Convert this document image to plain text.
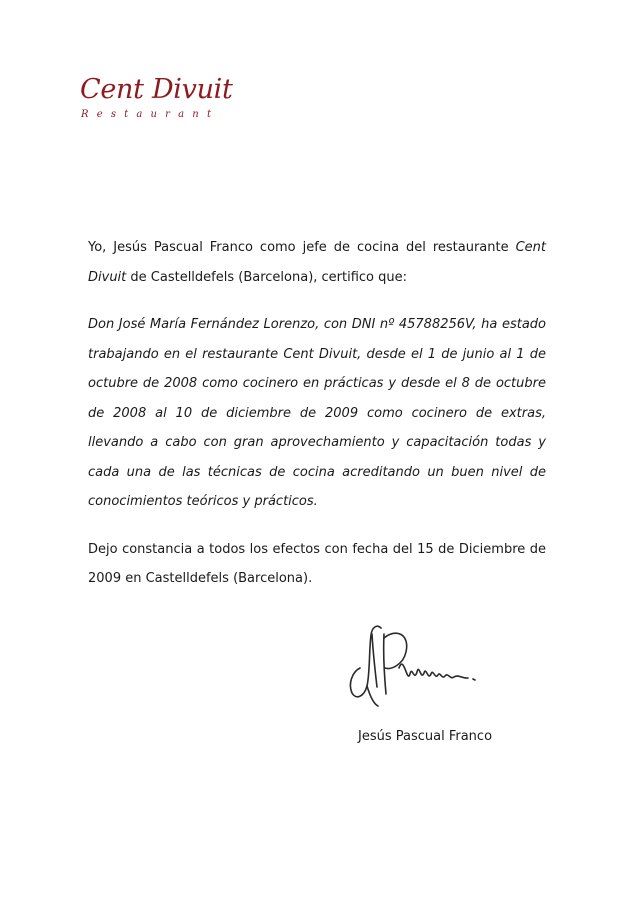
Cent Divuit
R e s t a u r a n t

Yo, Jesús Pascual Franco como jefe de cocina del restaurante Cent Divuit de Castelldefels (Barcelona), certifico que:

Don José María Fernández Lorenzo, con DNI nº 45788256V, ha estado trabajando en el restaurante Cent Divuit, desde el 1 de junio al 1 de octubre de 2008 como cocinero en prácticas y desde el 8 de octubre de 2008 al 10 de diciembre de 2009 como cocinero de extras, llevando a cabo con gran aprovechamiento y capacitación todas y cada una de las técnicas de cocina acreditando un buen nivel de conocimientos teóricos y prácticos.

Dejo constancia a todos los efectos con fecha del 15 de Diciembre de 2009 en Castelldefels (Barcelona).

Jesús Pascual Franco
